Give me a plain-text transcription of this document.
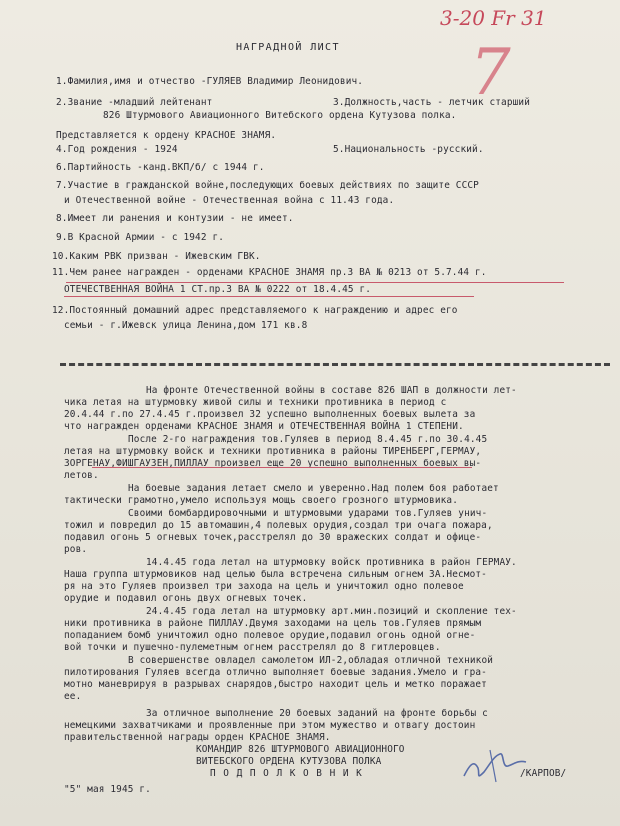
3-20 Fr 31
7
НАГРАДНОЙ ЛИСТ
1.Фамилия,имя и отчество -ГУЛЯЕВ Владимир Леонидович.
2.Звание -младший лейтенант	3.Должность,часть - летчик старший
826 Штурмового Авиационного Витебского ордена Кутузова полка.
Представляется к ордену КРАСНОЕ ЗНАМЯ.
4.Год рождения - 1924	5.Национальность -русский.
6.Партийность -канд.ВКП/б/ с 1944 г.
7.Участие в гражданской войне,последующих боевых действиях по защите СССР
и Отечественной войне - Отечественная война с 11.43 года.
8.Имеет ли ранения и контузии - не имеет.
9.В Красной Армии - с 1942 г.
10.Каким РВК призван - Ижевским ГВК.
11.Чем ранее награжден - орденами КРАСНОЕ ЗНАМЯ пр.3 ВА № 0213 от 5.7.44 г.
ОТЕЧЕСТВЕННАЯ ВОЙНА 1 СТ.пр.3 ВА № 0222 от 18.4.45 г.
12.Постоянный домашний адрес представляемого к награждению и адрес его
семьи - г.Ижевск улица Ленина,дом 171 кв.8
На фронте Отечественной войны в составе 826 ШАП в должности лет-
чика летая на штурмовку живой силы и техники противника в период с
20.4.44 г.по 27.4.45 г.произвел 32 успешно выполненных боевых вылета за
что награжден орденами КРАСНОЕ ЗНАМЯ и ОТЕЧЕСТВЕННАЯ ВОЙНА 1 СТЕПЕНИ.
После 2-го награждения тов.Гуляев в период 8.4.45 г.по 30.4.45
летая на штурмовку войск и техники противника в районы ТИРЕНБЕРГ,ГЕРМАУ,
ЗОРГЕНАУ,ФИШГАУЗЕН,ПИЛЛАУ произвел еще 20 успешно выполненных боевых вы-
летов.
На боевые задания летает смело и уверенно.Над полем боя работает
тактически грамотно,умело используя мощь своего грозного штурмовика.
Своими бомбардировочными и штурмовыми ударами тов.Гуляев унич-
тожил и повредил до 15 автомашин,4 полевых орудия,создал три очага пожара,
подавил огонь 5 огневых точек,расстрелял до 30 вражеских солдат и офице-
ров.
14.4.45 года летал на штурмовку войск противника в район ГЕРМАУ.
Наша группа штурмовиков над целью была встречена сильным огнем ЗА.Несмот-
ря на это Гуляев произвел три захода на цель и уничтожил одно полевое
орудие и подавил огонь двух огневых точек.
24.4.45 года летал на штурмовку арт.мин.позиций и скопление тех-
ники противника в районе ПИЛЛАУ.Двумя заходами на цель тов.Гуляев прямым
попаданием бомб уничтожил одно полевое орудие,подавил огонь одной огне-
вой точки и пушечно-пулеметным огнем расстрелял до 8 гитлеровцев.
В совершенстве овладел самолетом ИЛ-2,обладая отличной техникой
пилотирования Гуляев всегда отлично выполняет боевые задания.Умело и гра-
мотно маневрируя в разрывах снарядов,быстро находит цель и метко поражает
ее.
За отличное выполнение 20 боевых заданий на фронте борьбы с
немецкими захватчиками и проявленные при этом мужество и отвагу достоин
правительственной награды орден КРАСНОЕ ЗНАМЯ.
КОМАНДИР 826 ШТУРМОВОГО АВИАЦИОННОГО
ВИТЕБСКОГО ОРДЕНА КУТУЗОВА ПОЛКА
П О Д П О Л К О В Н И К	/КАРПОВ/
"5" мая 1945 г.
